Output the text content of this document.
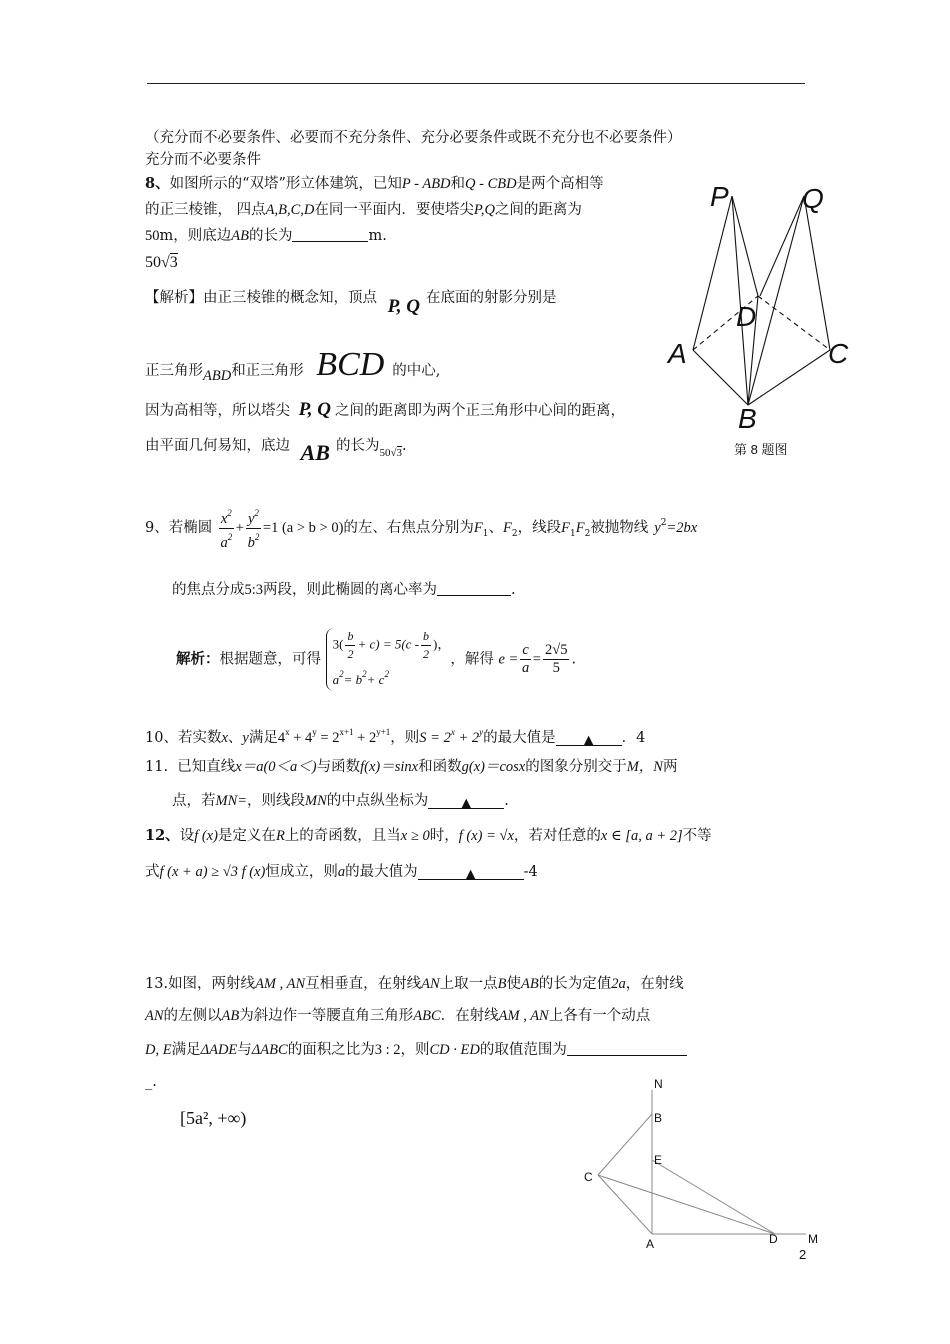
（充分而不必要条件、必要而不充分条件、充分必要条件或既不充分也不必要条件）
充分而不必要条件
8、如图所示的“双塔”形立体建筑，已知P - ABD和Q - CBD是两个高相等
的正三棱锥， 四点A,B,C,D在同一平面内．要使塔尖P,Q之间的距离为
50m，则底边AB的长为	m.
50√3
【解析】由正三棱锥的概念知，顶点 P, Q 在底面的射影分别是
正三角形ABD和正三角形 BCD 的中心,
因为高相等，所以塔尖 P, Q 之间的距离即为两个正三角形中心间的距离，
由平面几何易知，底边 AB 的长为$_{50√3}$.
P	Q
D
A	C
B
第 8 题图
9、若椭圆 $\frac{x^2}{a^2} + \frac{y^2}{b^2} =1$ (a > b > 0)的左、右焦点分别为$F_1$、$F_2$，线段$F_1F_2$被抛物线 $y^2=2bx$
的焦点分成5:3两段，则此椭圆的离心率为	.
解析：根据题意，可得
$3( \frac{b}{2} + c) = 5(c - \frac{b}{2}$ )，
$a^2= b^2+ c^2$
，解得 $e = \frac{c}{a} = \frac{2√5}{5}$ .
10、若实数x、y满足$4^x + 4^y = 2^{x+1} + 2^{y+1}$，则$S = 2^x + 2^y$的最大值是 ▲ ．4
11. 已知直线x＝a(0＜a＜)与函数f(x)＝sinx和函数g(x)＝cosx的图象分别交于M，N两
点，若MN=，则线段MN的中点纵坐标为	▲ .
12、设f (x)是定义在R上的奇函数，且当x ≥ 0时，f (x) = √x，若对任意的x ∈ [a, a + 2]不等
式f (x + a) ≥ √3 f (x)恒成立，则a的最大值为	▲	-4
13.如图，两射线AM , AN互相垂直，在射线AN上取一点B使AB的长为定值2a，在射线
AN的左侧以AB为斜边作一等腰直角三角形ABC．在射线AM , AN上各有一个动点
D, E满足ΔADE与ΔABC的面积之比为3 : 2，则CD · ED的取值范围为
_.
[5a², +∞)
N
B
E
C
A	D	M
2
